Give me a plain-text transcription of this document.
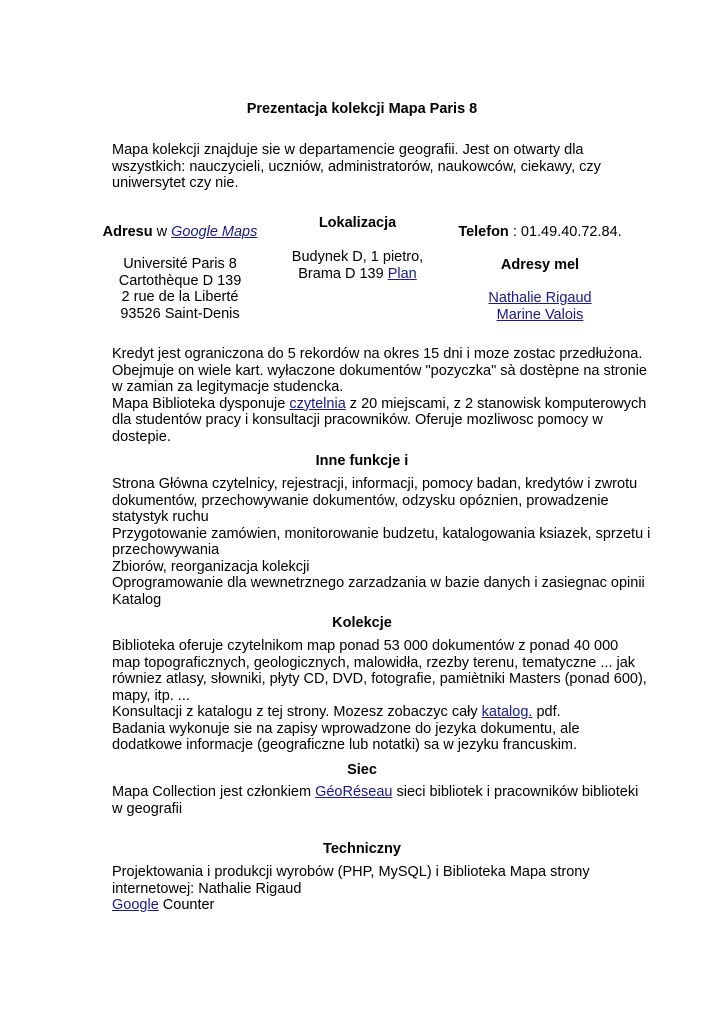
Prezentacja kolekcji Mapa Paris 8
Mapa kolekcji znajduje sie w departamencie geografii. Jest on otwarty dla wszystkich: nauczycieli, uczniów, administratorów, naukowców, ciekawy, czy uniwersytet czy nie.
Adresu w Google Maps
Université Paris 8
Cartothèque D 139
2 rue de la Liberté
93526 Saint-Denis
Lokalizacja
Budynek D, 1 pietro,
Brama D 139 Plan
Telefon : 01.49.40.72.84.
Adresy mel
Nathalie Rigaud
Marine Valois
Kredyt jest ograniczona do 5 rekordów na okres 15 dni i moze zostac przedłużona.
Obejmuje on wiele kart. wyłaczone dokumentów "pozyczka" sà dostèpne na stronie
w zamian za legitymacje studencka.
Mapa Biblioteka dysponuje czytelnia z 20 miejscami, z 2 stanowisk komputerowych
dla studentów pracy i konsultacji pracowników. Oferuje mozliwosc pomocy w
dostepie.
Inne funkcje i
Strona Główna czytelnicy, rejestracji, informacji, pomocy badan, kredytów i zwrotu
dokumentów, przechowywanie dokumentów, odzysku opóznien, prowadzenie
statystyk ruchu
Przygotowanie zamówien, monitorowanie budzetu, katalogowania ksiazek, sprzetu i
przechowywania
Zbiorów, reorganizacja kolekcji
Oprogramowanie dla wewnetrznego zarzadzania w bazie danych i zasiegnac opinii
Katalog
Kolekcje
Biblioteka oferuje czytelnikom map ponad 53 000 dokumentów z ponad 40 000
map topograficznych, geologicznych, malowidła, rzezby terenu, tematyczne ... jak
równiez atlasy, słowniki, płyty CD, DVD, fotografie, pamiètniki Masters (ponad 600),
mapy, itp. ...
Konsultacji z katalogu z tej strony. Mozesz zobaczyc cały katalog. pdf.
Badania wykonuje sie na zapisy wprowadzone do jezyka dokumentu, ale
dodatkowe informacje (geograficzne lub notatki) sa w jezyku francuskim.
Siec
Mapa Collection jest członkiem GéoRéseau sieci bibliotek i pracowników biblioteki
w geografii
Techniczny
Projektowania i produkcji wyrobów (PHP, MySQL) i Biblioteka Mapa strony
internetowej: Nathalie Rigaud
Google Counter
